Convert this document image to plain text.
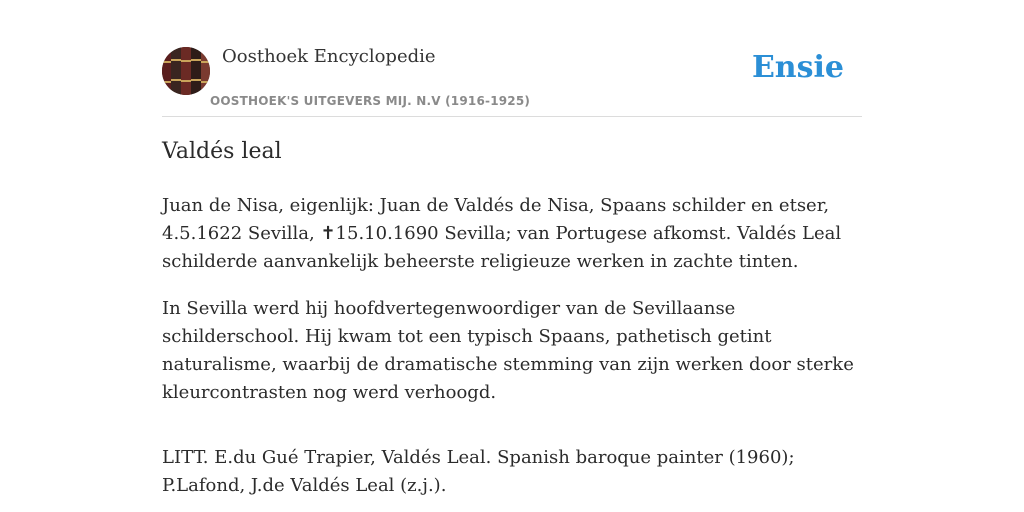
Oosthoek Encyclopedie
OOSTHOEK'S UITGEVERS MIJ. N.V (1916-1925)
Ensie
Valdés leal

Juan de Nisa, eigenlijk: Juan de Valdés de Nisa, Spaans schilder en etser, 4.5.1622 Sevilla, ✝15.10.1690 Sevilla; van Portugese afkomst. Valdés Leal schilderde aanvankelijk beheerste religieuze werken in zachte tinten.

In Sevilla werd hij hoofdvertegenwoordiger van de Sevillaanse schilderschool. Hij kwam tot een typisch Spaans, pathetisch getint naturalisme, waarbij de dramatische stemming van zijn werken door sterke kleurcontrasten nog werd verhoogd.

LITT. E.du Gué Trapier, Valdés Leal. Spanish baroque painter (1960); P.Lafond, J.de Valdés Leal (z.j.).
